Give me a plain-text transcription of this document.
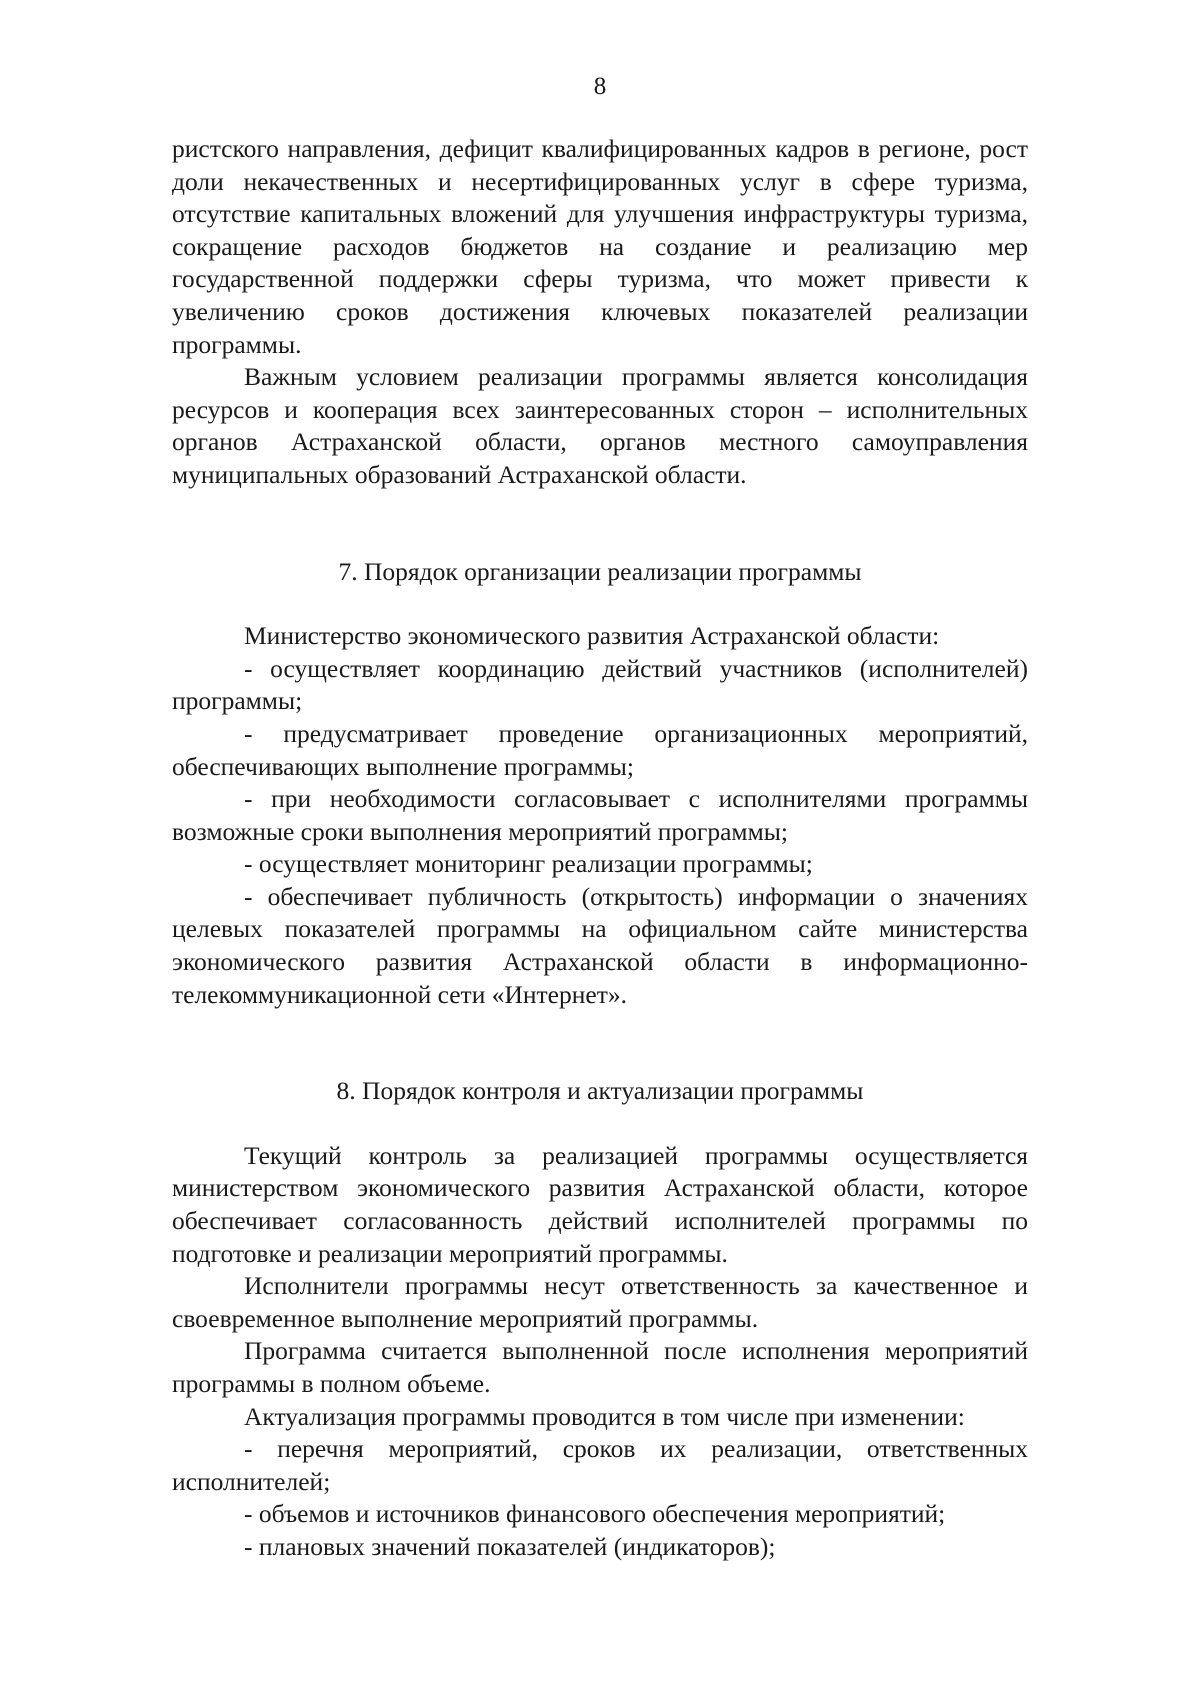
8

ристского направления, дефицит квалифицированных кадров в регионе, рост доли некачественных и несертифицированных услуг в сфере туризма, отсутствие капитальных вложений для улучшения инфраструктуры туризма, сокращение расходов бюджетов на создание и реализацию мер государственной поддержки сферы туризма, что может привести к увеличению сроков достижения ключевых показателей реализации программы.

Важным условием реализации программы является консолидация ресурсов и кооперация всех заинтересованных сторон – исполнительных органов Астраханской области, органов местного самоуправления муниципальных образований Астраханской области.

7. Порядок организации реализации программы

Министерство экономического развития Астраханской области:

- осуществляет координацию действий участников (исполнителей) программы;

- предусматривает проведение организационных мероприятий, обеспечивающих выполнение программы;

- при необходимости согласовывает с исполнителями программы возможные сроки выполнения мероприятий программы;

- осуществляет мониторинг реализации программы;

- обеспечивает публичность (открытость) информации о значениях целевых показателей программы на официальном сайте министерства экономического развития Астраханской области в информационно-телекоммуникационной сети «Интернет».

8. Порядок контроля и актуализации программы

Текущий контроль за реализацией программы осуществляется министерством экономического развития Астраханской области, которое обеспечивает согласованность действий исполнителей программы по подготовке и реализации мероприятий программы.

Исполнители программы несут ответственность за качественное и своевременное выполнение мероприятий программы.

Программа считается выполненной после исполнения мероприятий программы в полном объеме.

Актуализация программы проводится в том числе при изменении:

- перечня мероприятий, сроков их реализации, ответственных исполнителей;

- объемов и источников финансового обеспечения мероприятий;

- плановых значений показателей (индикаторов);
